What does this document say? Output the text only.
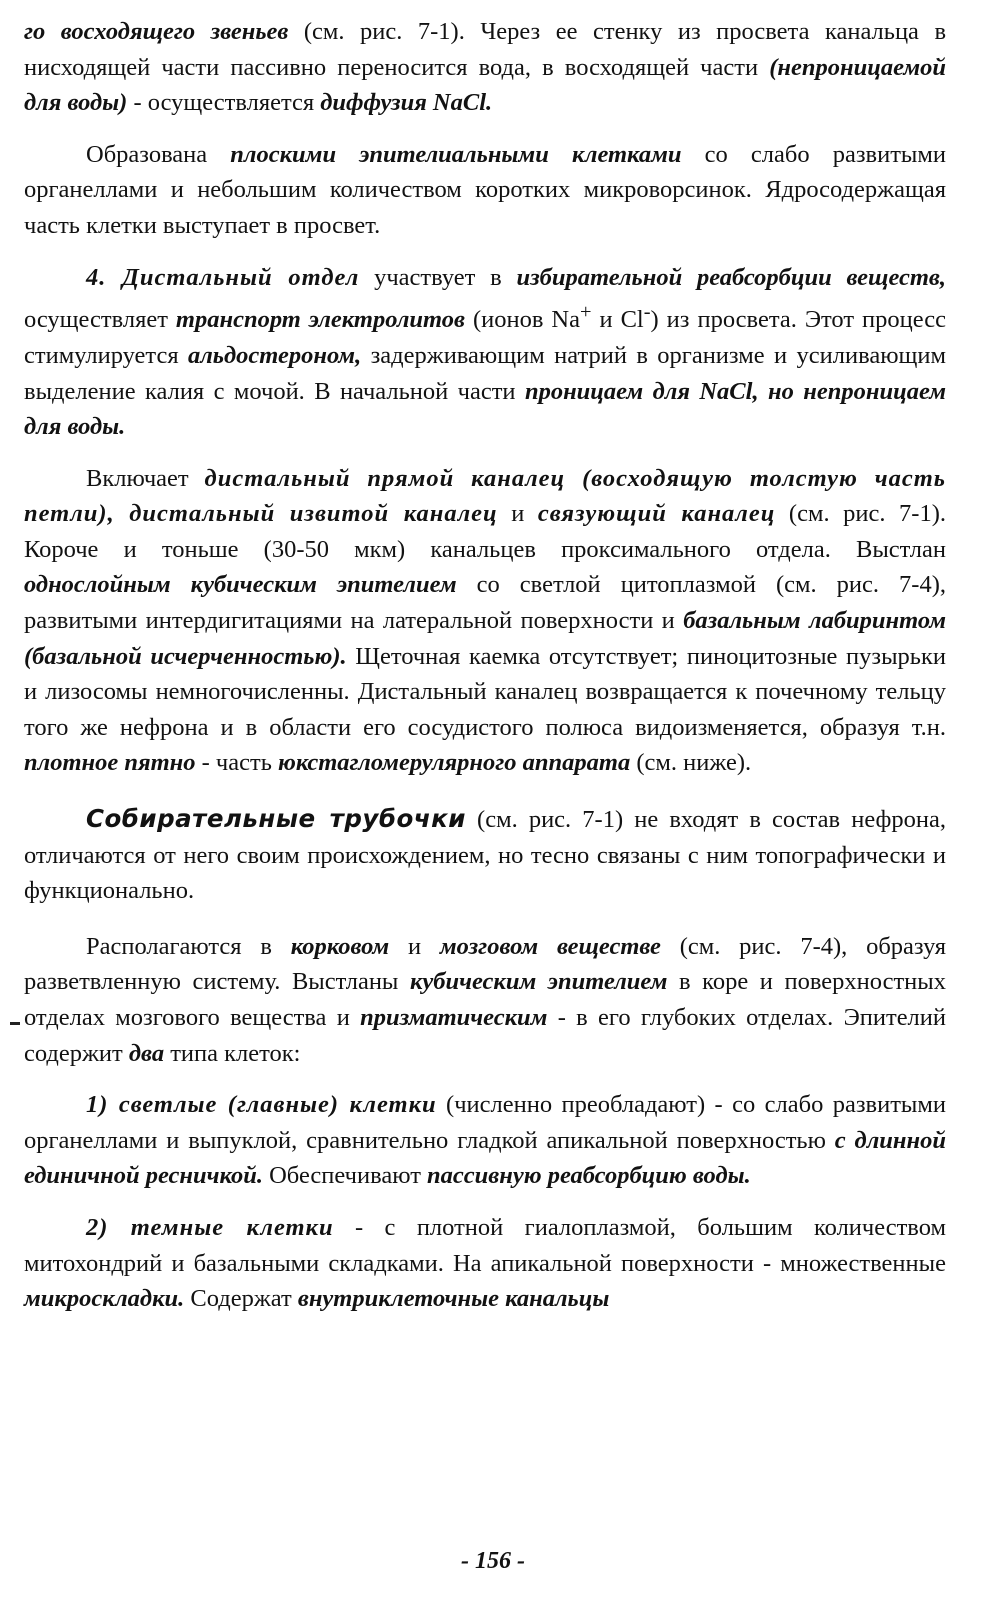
го восходящего звеньев (см. рис. 7-1). Через ее стенку из просвета канальца в нисходящей части пассивно переносится вода, в восходящей части (непроницаемой для воды) - осуществляется диффузия NaCl.

Образована плоскими эпителиальными клетками со слабо развитыми органеллами и небольшим количеством коротких микроворсинок. Ядросодержащая часть клетки выступает в просвет.

4. Дистальный отдел участвует в избирательной реабсорбции веществ, осуществляет транспорт электролитов (ионов Na+ и Cl-) из просвета. Этот процесс стимулируется альдостероном, задерживающим натрий в организме и усиливающим выделение калия с мочой. В начальной части проницаем для NaCl, но непроницаем для воды.

Включает дистальный прямой каналец (восходящую толстую часть петли), дистальный извитой каналец и связующий каналец (см. рис. 7-1). Короче и тоньше (30-50 мкм) канальцев проксимального отдела. Выстлан однослойным кубическим эпителием со светлой цитоплазмой (см. рис. 7-4), развитыми интердигитациями на латеральной поверхности и базальным лабиринтом (базальной исчерченностью). Щеточная каемка отсутствует; пиноцитозные пузырьки и лизосомы немногочисленны. Дистальный каналец возвращается к почечному тельцу того же нефрона и в области его сосудистого полюса видоизменяется, образуя т.н. плотное пятно - часть юкстагломерулярного аппарата (см. ниже).

Собирательные трубочки (см. рис. 7-1) не входят в состав нефрона, отличаются от него своим происхождением, но тесно связаны с ним топографически и функционально.

Располагаются в корковом и мозговом веществе (см. рис. 7-4), образуя разветвленную систему. Выстланы кубическим эпителием в коре и поверхностных отделах мозгового вещества и призматическим - в его глубоких отделах. Эпителий содержит два типа клеток:

1) светлые (главные) клетки (численно преобладают) - со слабо развитыми органеллами и выпуклой, сравнительно гладкой апикальной поверхностью с длинной единичной ресничкой. Обеспечивают пассивную реабсорбцию воды.

2) темные клетки - с плотной гиалоплазмой, большим количеством митохондрий и базальными складками. На апикальной поверхности - множественные микроскладки. Содержат внутриклеточные канальцы

- 156 -
